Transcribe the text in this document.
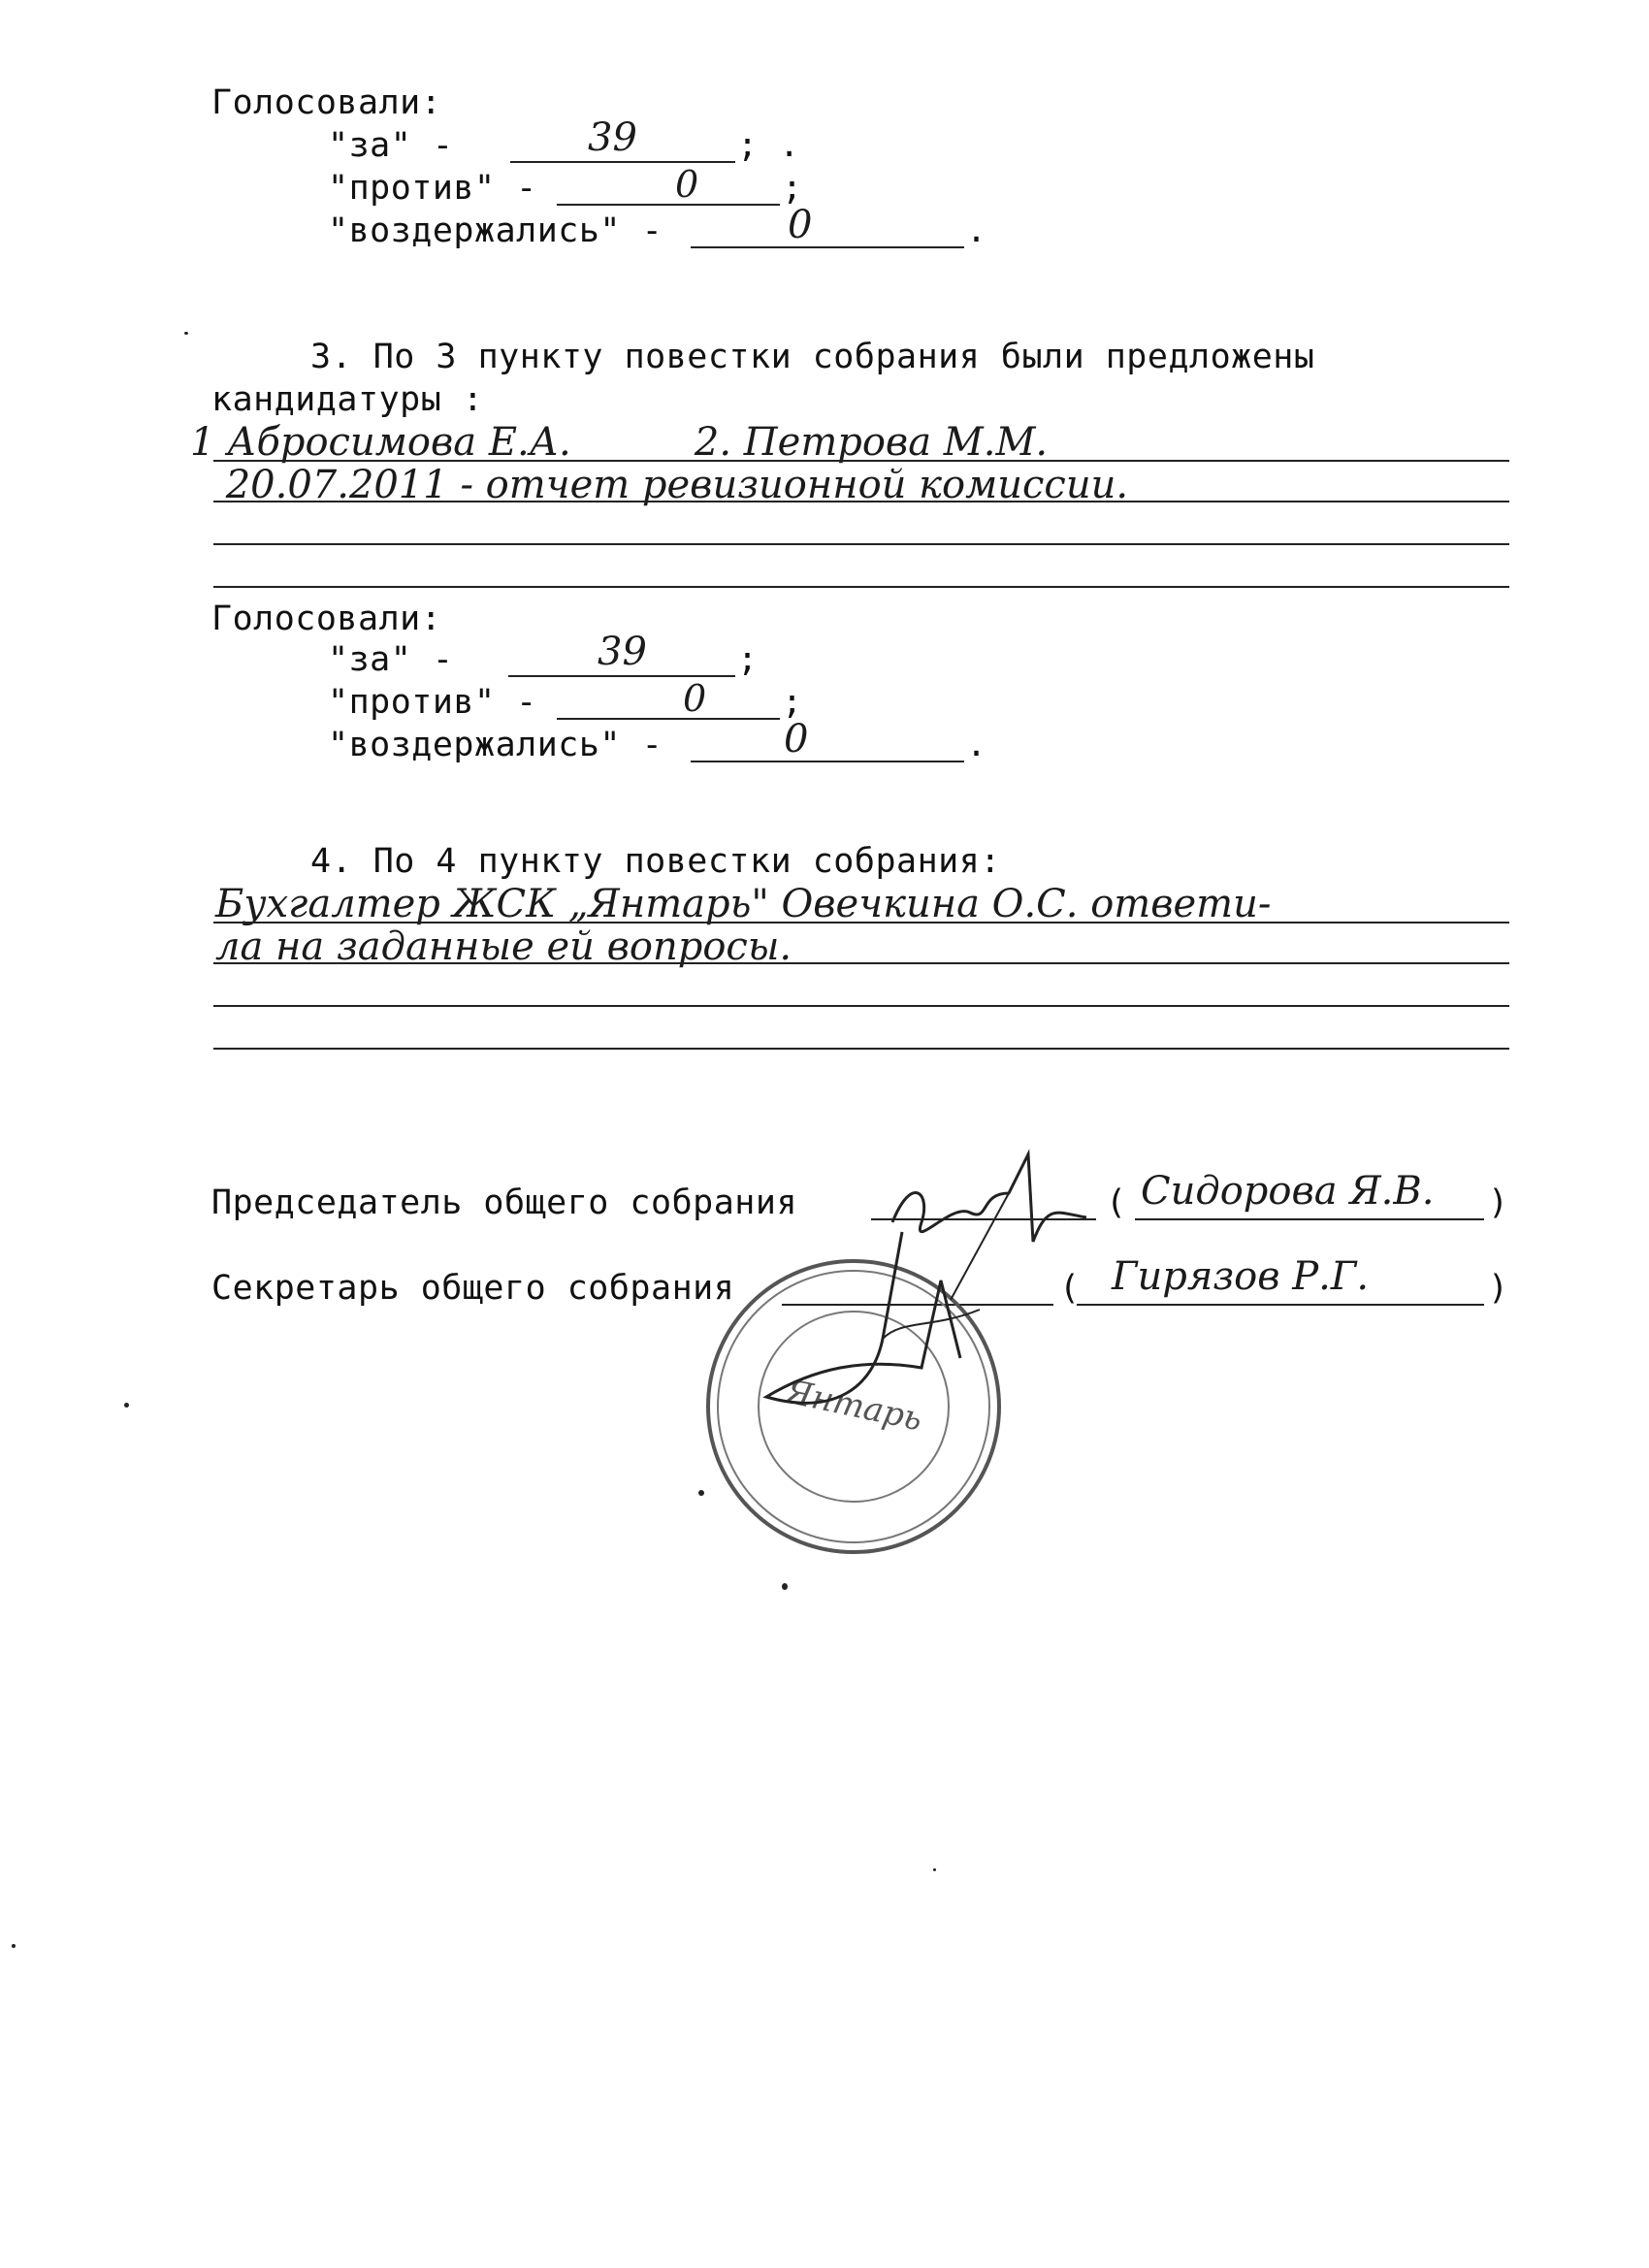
Голосовали:
"за" -	39	; .
"против" -	0 ;
"воздержались" -	0	.
3. По 3 пункту повестки собрания были предложены
кандидатуры :
1 Абросимова Е.А.          2. Петрова М.М.
20.07.2011 - отчет ревизионной комиссии.
Голосовали:
"за" -	39	;
"против" -	0 ;
"воздержались" -	0	.
4. По 4 пункту повестки собрания:
Бухгалтер ЖСК „Янтарь" Овечкина О.С. ответи-
ла на заданные ей вопросы.
Председатель общего собрания	( Сидорова Я.В. )
Секретарь общего собрания	( Гирязов Р.Г.	)
Янтарь
